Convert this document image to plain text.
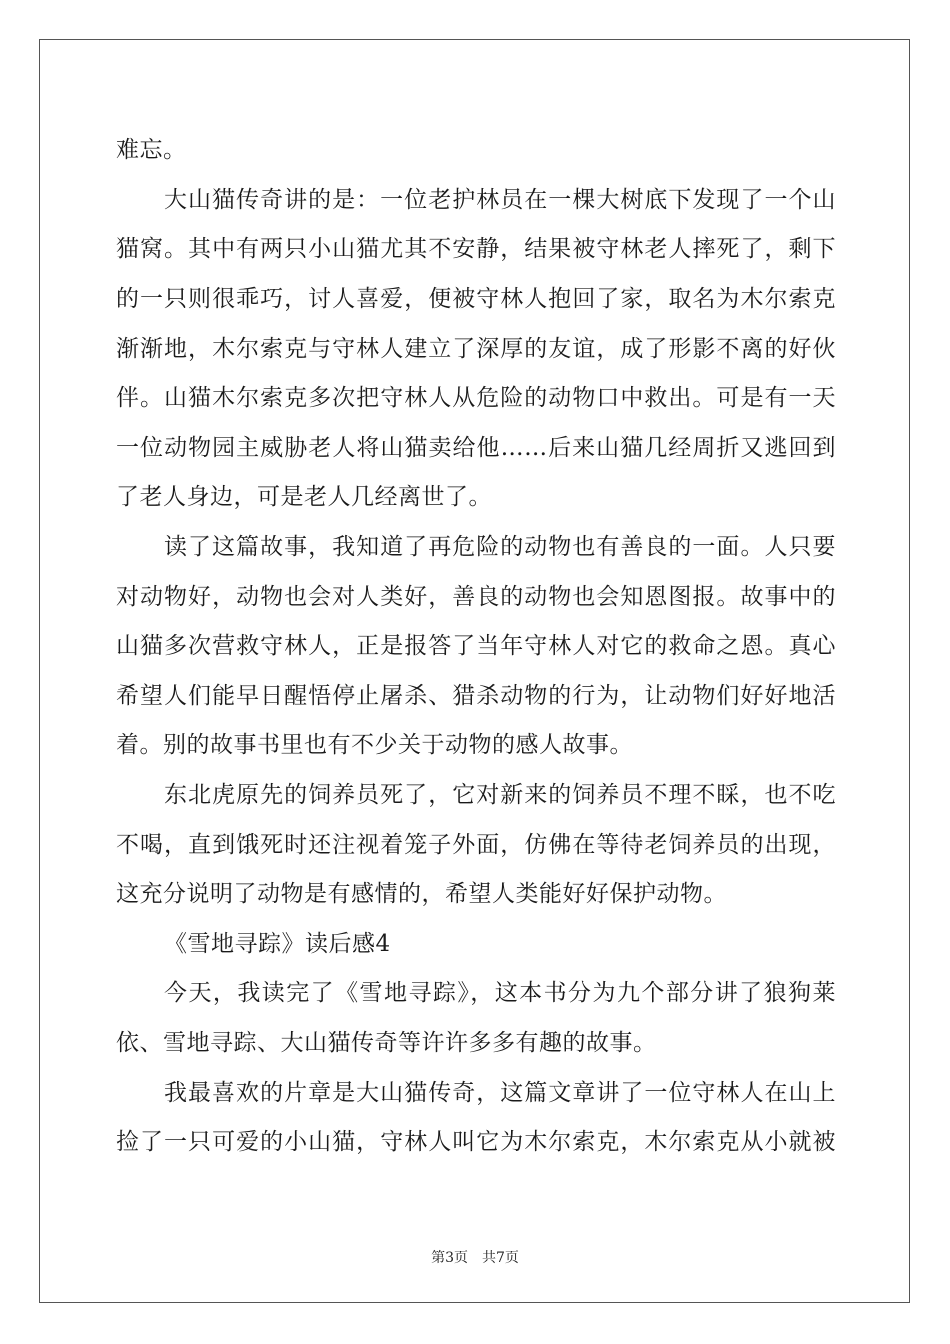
难忘。
大山猫传奇讲的是：一位老护林员在一棵大树底下发现了一个山
猫窝。其中有两只小山猫尤其不安静，结果被守林老人摔死了，剩下
的一只则很乖巧，讨人喜爱，便被守林人抱回了家，取名为木尔索克
渐渐地，木尔索克与守林人建立了深厚的友谊，成了形影不离的好伙
伴。山猫木尔索克多次把守林人从危险的动物口中救出。可是有一天
一位动物园主威胁老人将山猫卖给他……后来山猫几经周折又逃回到
了老人身边，可是老人几经离世了。
读了这篇故事，我知道了再危险的动物也有善良的一面。人只要
对动物好，动物也会对人类好，善良的动物也会知恩图报。故事中的
山猫多次营救守林人，正是报答了当年守林人对它的救命之恩。真心
希望人们能早日醒悟停止屠杀、猎杀动物的行为，让动物们好好地活
着。别的故事书里也有不少关于动物的感人故事。
东北虎原先的饲养员死了，它对新来的饲养员不理不睬，也不吃
不喝，直到饿死时还注视着笼子外面，仿佛在等待老饲养员的出现，
这充分说明了动物是有感情的，希望人类能好好保护动物。
《雪地寻踪》读后感4
今天，我读完了《雪地寻踪》，这本书分为九个部分讲了狼狗莱
依、雪地寻踪、大山猫传奇等许许多多有趣的故事。
我最喜欢的片章是大山猫传奇，这篇文章讲了一位守林人在山上
捡了一只可爱的小山猫，守林人叫它为木尔索克，木尔索克从小就被
第3页　共7页
